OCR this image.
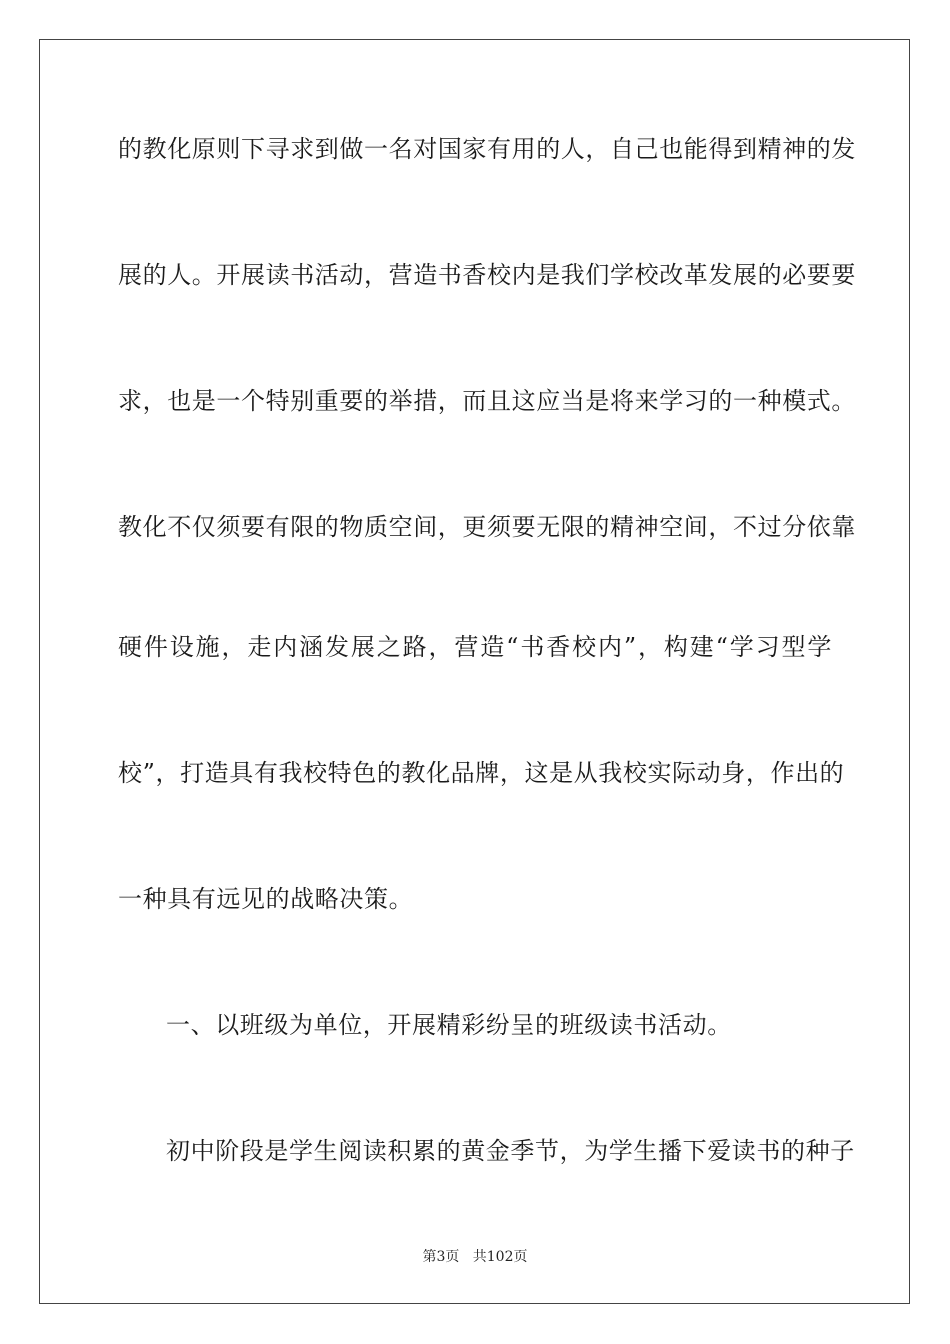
的教化原则下寻求到做一名对国家有用的人，自己也能得到精神的发
展的人。开展读书活动，营造书香校内是我们学校改革发展的必要要
求，也是一个特别重要的举措，而且这应当是将来学习的一种模式。
教化不仅须要有限的物质空间，更须要无限的精神空间，不过分依靠
硬件设施，走内涵发展之路，营造“书香校内”，构建“学习型学
校”，打造具有我校特色的教化品牌，这是从我校实际动身，作出的
一种具有远见的战略决策。
一、以班级为单位，开展精彩纷呈的班级读书活动。
初中阶段是学生阅读积累的黄金季节，为学生播下爱读书的种子
第3页 共102页
